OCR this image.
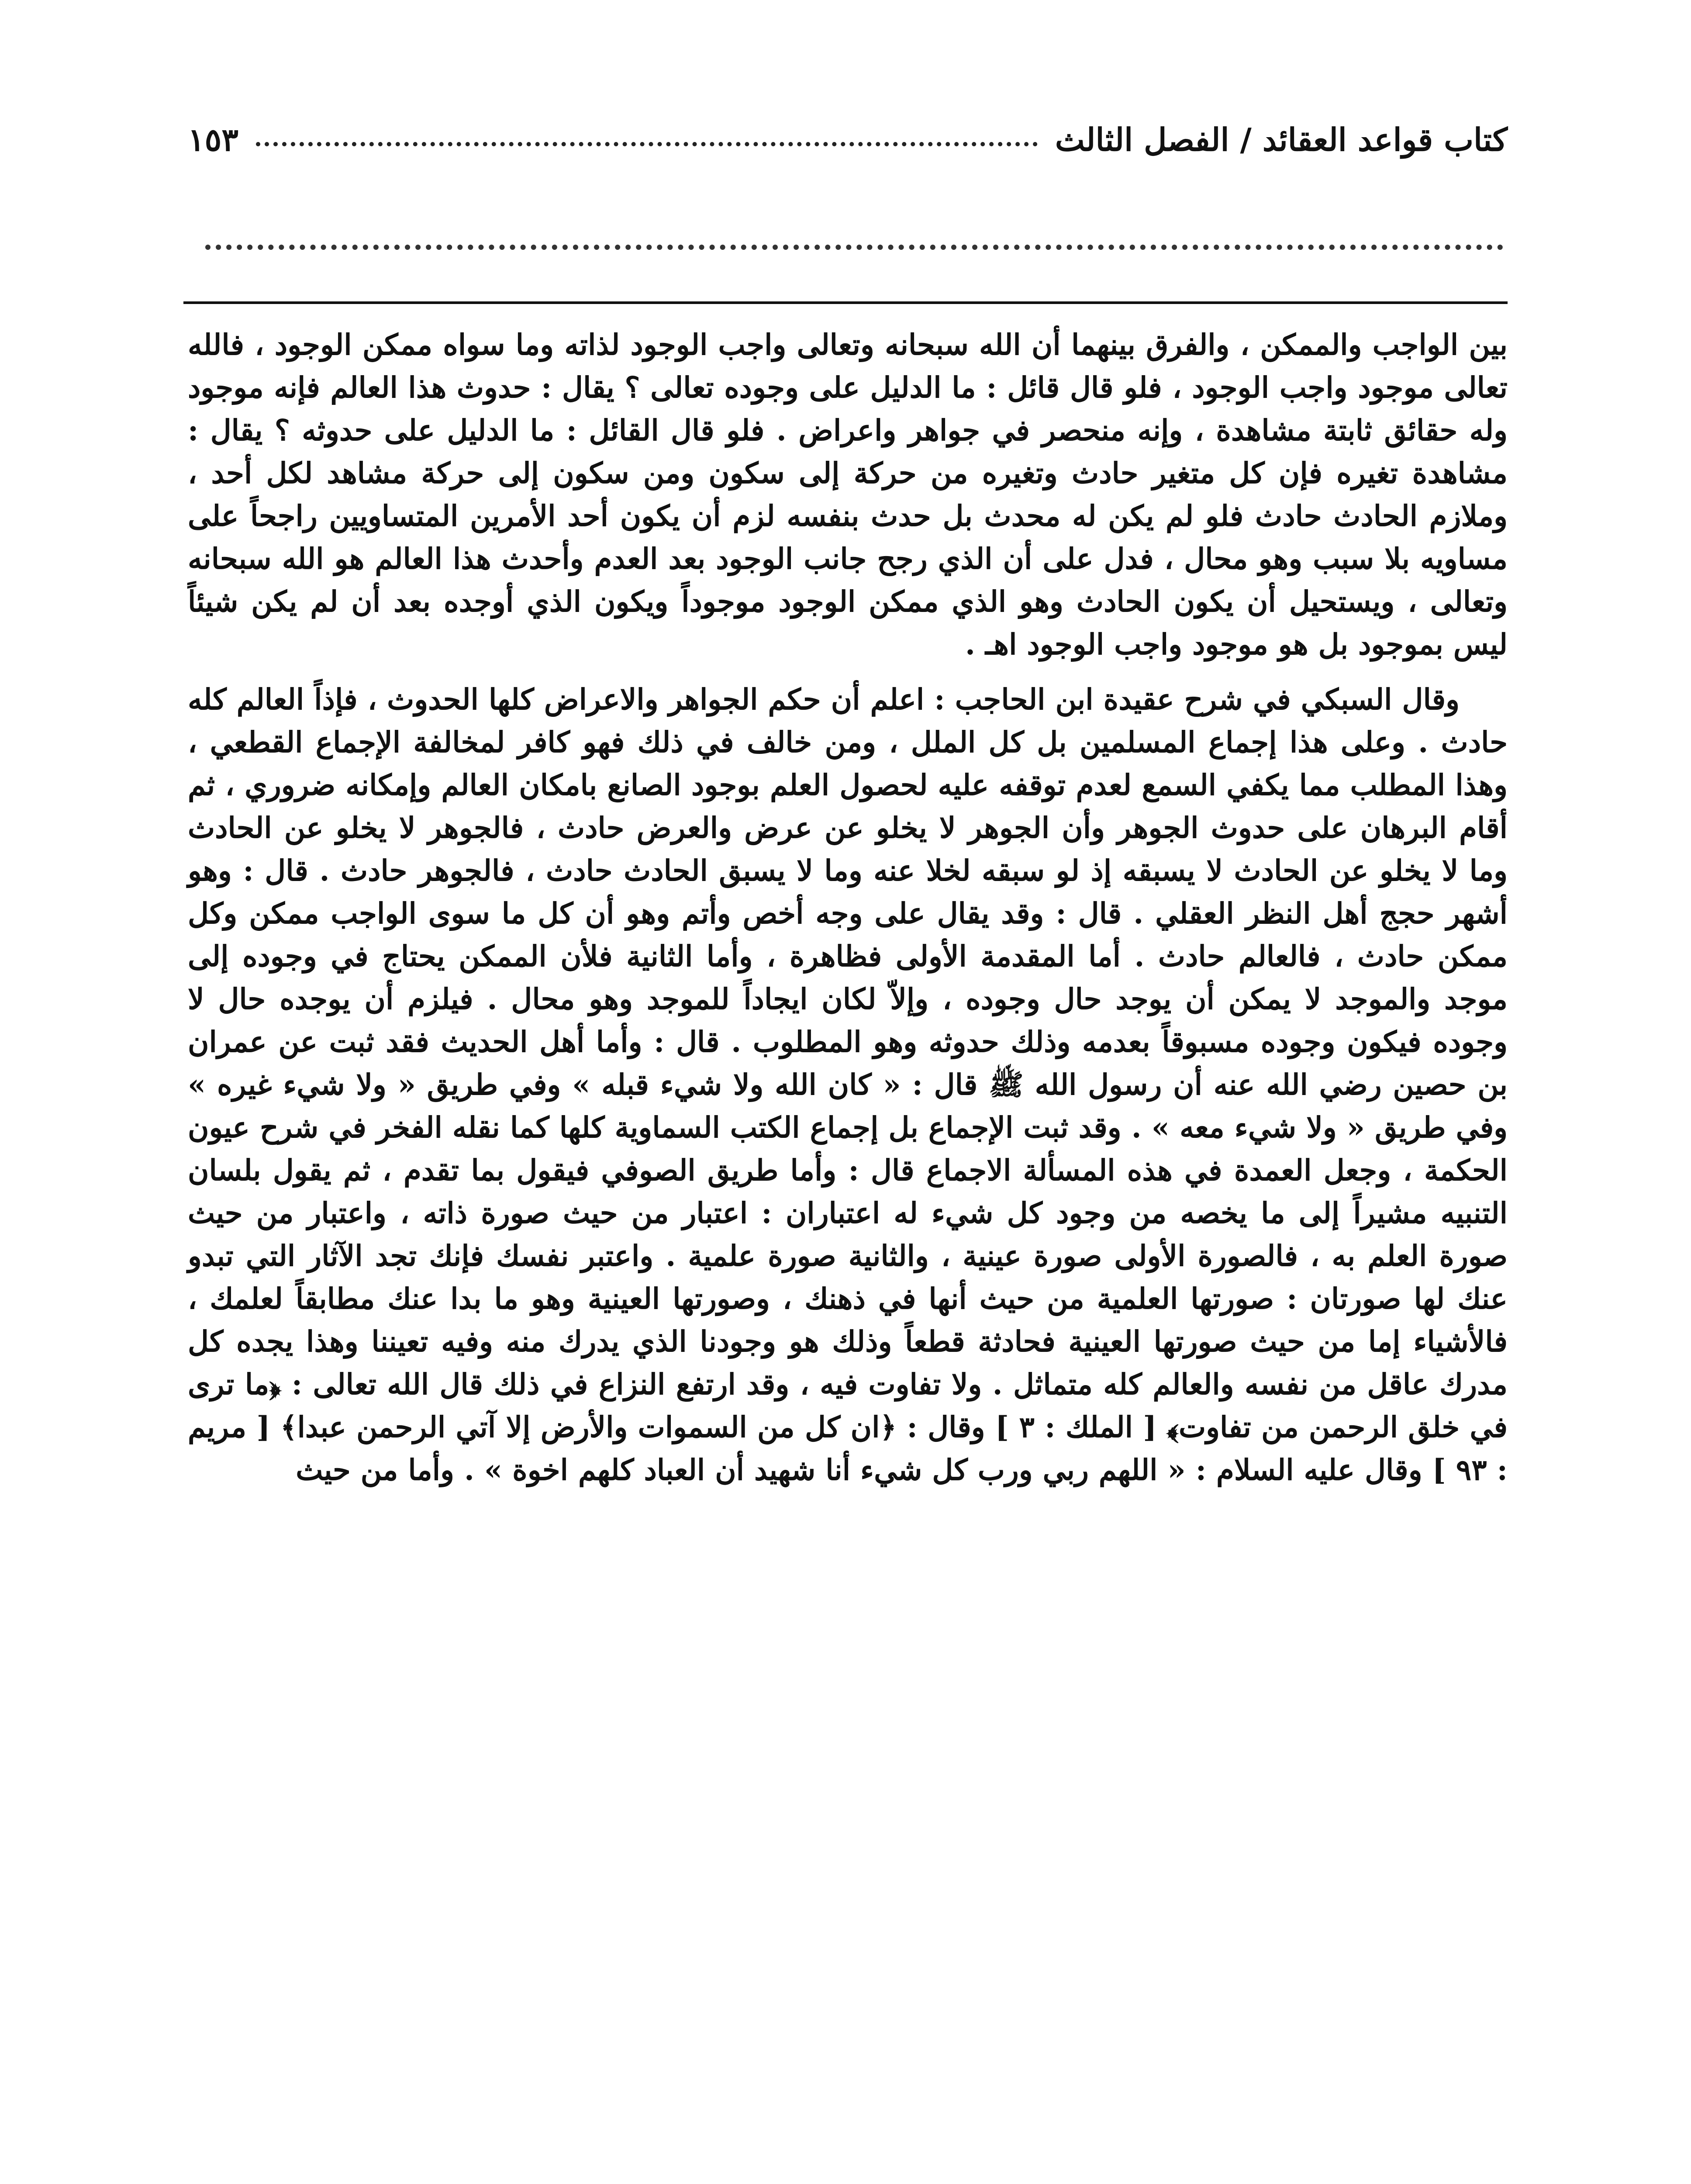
كتاب قواعد العقائد / الفصل الثالث
١٥٣

بين الواجب والممكن ، والفرق بينهما أن الله سبحانه وتعالى واجب الوجود لذاته وما سواه ممكن الوجود ، فالله تعالى موجود واجب الوجود ، فلو قال قائل : ما الدليل على وجوده تعالى ؟ يقال : حدوث هذا العالم فإنه موجود وله حقائق ثابتة مشاهدة ، وإنه منحصر في جواهر واعراض . فلو قال القائل : ما الدليل على حدوثه ؟ يقال : مشاهدة تغيره فإن كل متغير حادث وتغيره من حركة إلى سكون ومن سكون إلى حركة مشاهد لكل أحد ، وملازم الحادث حادث فلو لم يكن له محدث بل حدث بنفسه لزم أن يكون أحد الأمرين المتساويين راجحاً على مساويه بلا سبب وهو محال ، فدل على أن الذي رجح جانب الوجود بعد العدم وأحدث هذا العالم هو الله سبحانه وتعالى ، ويستحيل أن يكون الحادث وهو الذي ممكن الوجود موجوداً ويكون الذي أوجده بعد أن لم يكن شيئاً ليس بموجود بل هو موجود واجب الوجود اهـ .

وقال السبكي في شرح عقيدة ابن الحاجب : اعلم أن حكم الجواهر والاعراض كلها الحدوث ، فإذاً العالم كله حادث . وعلى هذا إجماع المسلمين بل كل الملل ، ومن خالف في ذلك فهو كافر لمخالفة الإجماع القطعي ، وهذا المطلب مما يكفي السمع لعدم توقفه عليه لحصول العلم بوجود الصانع بامكان العالم وإمكانه ضروري ، ثم أقام البرهان على حدوث الجوهر وأن الجوهر لا يخلو عن عرض والعرض حادث ، فالجوهر لا يخلو عن الحادث وما لا يخلو عن الحادث لا يسبقه إذ لو سبقه لخلا عنه وما لا يسبق الحادث حادث ، فالجوهر حادث . قال : وهو أشهر حجج أهل النظر العقلي . قال : وقد يقال على وجه أخص وأتم وهو أن كل ما سوى الواجب ممكن وكل ممكن حادث ، فالعالم حادث . أما المقدمة الأولى فظاهرة ، وأما الثانية فلأن الممكن يحتاج في وجوده إلى موجد والموجد لا يمكن أن يوجد حال وجوده ، وإلاّ لكان ايجاداً للموجد وهو محال . فيلزم أن يوجده حال لا وجوده فيكون وجوده مسبوقاً بعدمه وذلك حدوثه وهو المطلوب . قال : وأما أهل الحديث فقد ثبت عن عمران بن حصين رضي الله عنه أن رسول الله ﷺ قال : « كان الله ولا شيء قبله » وفي طريق « ولا شيء غيره » وفي طريق « ولا شيء معه » . وقد ثبت الإجماع بل إجماع الكتب السماوية كلها كما نقله الفخر في شرح عيون الحكمة ، وجعل العمدة في هذه المسألة الاجماع قال : وأما طريق الصوفي فيقول بما تقدم ، ثم يقول بلسان التنبيه مشيراً إلى ما يخصه من وجود كل شيء له اعتباران : اعتبار من حيث صورة ذاته ، واعتبار من حيث صورة العلم به ، فالصورة الأولى صورة عينية ، والثانية صورة علمية . واعتبر نفسك فإنك تجد الآثار التي تبدو عنك لها صورتان : صورتها العلمية من حيث أنها في ذهنك ، وصورتها العينية وهو ما بدا عنك مطابقاً لعلمك ، فالأشياء إما من حيث صورتها العينية فحادثة قطعاً وذلك هو وجودنا الذي يدرك منه وفيه تعيننا وهذا يجده كل مدرك عاقل من نفسه والعالم كله متماثل . ولا تفاوت فيه ، وقد ارتفع النزاع في ذلك قال الله تعالى : ﴿ما ترى في خلق الرحمن من تفاوت﴾ [ الملك : ٣ ] وقال : ﴿ان كل من السموات والأرض إلا آتي الرحمن عبدا﴾ [ مريم : ٩٣ ] وقال عليه السلام : « اللهم ربي ورب كل شيء أنا شهيد أن العباد كلهم اخوة » . وأما من حيث
